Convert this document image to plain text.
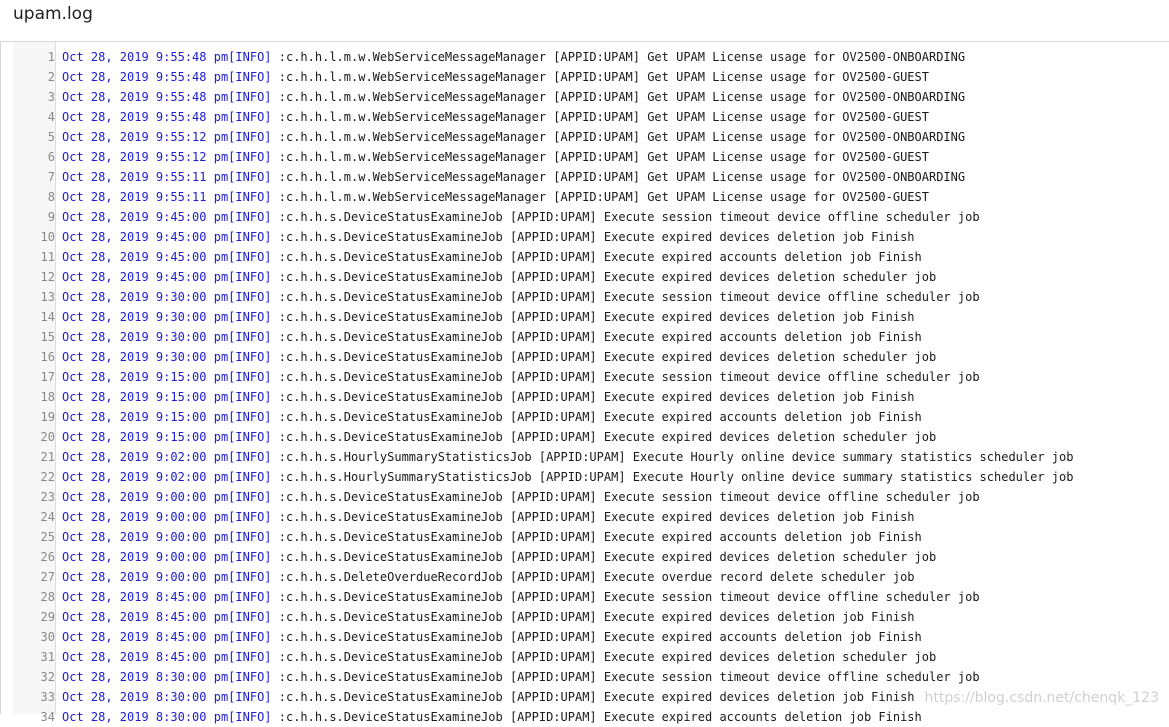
upam.log
1 Oct 28, 2019 9:55:48 pm[INFO] :c.h.h.l.m.w.WebServiceMessageManager [APPID:UPAM] Get UPAM License usage for OV2500-ONBOARDING
2 Oct 28, 2019 9:55:48 pm[INFO] :c.h.h.l.m.w.WebServiceMessageManager [APPID:UPAM] Get UPAM License usage for OV2500-GUEST
3 Oct 28, 2019 9:55:48 pm[INFO] :c.h.h.l.m.w.WebServiceMessageManager [APPID:UPAM] Get UPAM License usage for OV2500-ONBOARDING
4 Oct 28, 2019 9:55:48 pm[INFO] :c.h.h.l.m.w.WebServiceMessageManager [APPID:UPAM] Get UPAM License usage for OV2500-GUEST
5 Oct 28, 2019 9:55:12 pm[INFO] :c.h.h.l.m.w.WebServiceMessageManager [APPID:UPAM] Get UPAM License usage for OV2500-ONBOARDING
6 Oct 28, 2019 9:55:12 pm[INFO] :c.h.h.l.m.w.WebServiceMessageManager [APPID:UPAM] Get UPAM License usage for OV2500-GUEST
7 Oct 28, 2019 9:55:11 pm[INFO] :c.h.h.l.m.w.WebServiceMessageManager [APPID:UPAM] Get UPAM License usage for OV2500-ONBOARDING
8 Oct 28, 2019 9:55:11 pm[INFO] :c.h.h.l.m.w.WebServiceMessageManager [APPID:UPAM] Get UPAM License usage for OV2500-GUEST
9 Oct 28, 2019 9:45:00 pm[INFO] :c.h.h.s.DeviceStatusExamineJob [APPID:UPAM] Execute session timeout device offline scheduler job
10 Oct 28, 2019 9:45:00 pm[INFO] :c.h.h.s.DeviceStatusExamineJob [APPID:UPAM] Execute expired devices deletion job Finish
11 Oct 28, 2019 9:45:00 pm[INFO] :c.h.h.s.DeviceStatusExamineJob [APPID:UPAM] Execute expired accounts deletion job Finish
12 Oct 28, 2019 9:45:00 pm[INFO] :c.h.h.s.DeviceStatusExamineJob [APPID:UPAM] Execute expired devices deletion scheduler job
13 Oct 28, 2019 9:30:00 pm[INFO] :c.h.h.s.DeviceStatusExamineJob [APPID:UPAM] Execute session timeout device offline scheduler job
14 Oct 28, 2019 9:30:00 pm[INFO] :c.h.h.s.DeviceStatusExamineJob [APPID:UPAM] Execute expired devices deletion job Finish
15 Oct 28, 2019 9:30:00 pm[INFO] :c.h.h.s.DeviceStatusExamineJob [APPID:UPAM] Execute expired accounts deletion job Finish
16 Oct 28, 2019 9:30:00 pm[INFO] :c.h.h.s.DeviceStatusExamineJob [APPID:UPAM] Execute expired devices deletion scheduler job
17 Oct 28, 2019 9:15:00 pm[INFO] :c.h.h.s.DeviceStatusExamineJob [APPID:UPAM] Execute session timeout device offline scheduler job
18 Oct 28, 2019 9:15:00 pm[INFO] :c.h.h.s.DeviceStatusExamineJob [APPID:UPAM] Execute expired devices deletion job Finish
19 Oct 28, 2019 9:15:00 pm[INFO] :c.h.h.s.DeviceStatusExamineJob [APPID:UPAM] Execute expired accounts deletion job Finish
20 Oct 28, 2019 9:15:00 pm[INFO] :c.h.h.s.DeviceStatusExamineJob [APPID:UPAM] Execute expired devices deletion scheduler job
21 Oct 28, 2019 9:02:00 pm[INFO] :c.h.h.s.HourlySummaryStatisticsJob [APPID:UPAM] Execute Hourly online device summary statistics scheduler job
22 Oct 28, 2019 9:02:00 pm[INFO] :c.h.h.s.HourlySummaryStatisticsJob [APPID:UPAM] Execute Hourly online device summary statistics scheduler job
23 Oct 28, 2019 9:00:00 pm[INFO] :c.h.h.s.DeviceStatusExamineJob [APPID:UPAM] Execute session timeout device offline scheduler job
24 Oct 28, 2019 9:00:00 pm[INFO] :c.h.h.s.DeviceStatusExamineJob [APPID:UPAM] Execute expired devices deletion job Finish
25 Oct 28, 2019 9:00:00 pm[INFO] :c.h.h.s.DeviceStatusExamineJob [APPID:UPAM] Execute expired accounts deletion job Finish
26 Oct 28, 2019 9:00:00 pm[INFO] :c.h.h.s.DeviceStatusExamineJob [APPID:UPAM] Execute expired devices deletion scheduler job
27 Oct 28, 2019 9:00:00 pm[INFO] :c.h.h.s.DeleteOverdueRecordJob [APPID:UPAM] Execute overdue record delete scheduler job
28 Oct 28, 2019 8:45:00 pm[INFO] :c.h.h.s.DeviceStatusExamineJob [APPID:UPAM] Execute session timeout device offline scheduler job
29 Oct 28, 2019 8:45:00 pm[INFO] :c.h.h.s.DeviceStatusExamineJob [APPID:UPAM] Execute expired devices deletion job Finish
30 Oct 28, 2019 8:45:00 pm[INFO] :c.h.h.s.DeviceStatusExamineJob [APPID:UPAM] Execute expired accounts deletion job Finish
31 Oct 28, 2019 8:45:00 pm[INFO] :c.h.h.s.DeviceStatusExamineJob [APPID:UPAM] Execute expired devices deletion scheduler job
32 Oct 28, 2019 8:30:00 pm[INFO] :c.h.h.s.DeviceStatusExamineJob [APPID:UPAM] Execute session timeout device offline scheduler job
33 Oct 28, 2019 8:30:00 pm[INFO] :c.h.h.s.DeviceStatusExamineJob [APPID:UPAM] Execute expired devices deletion job Finish
34 Oct 28, 2019 8:30:00 pm[INFO] :c.h.h.s.DeviceStatusExamineJob [APPID:UPAM] Execute expired accounts deletion job Finish
https://blog.csdn.net/chenqk_123
